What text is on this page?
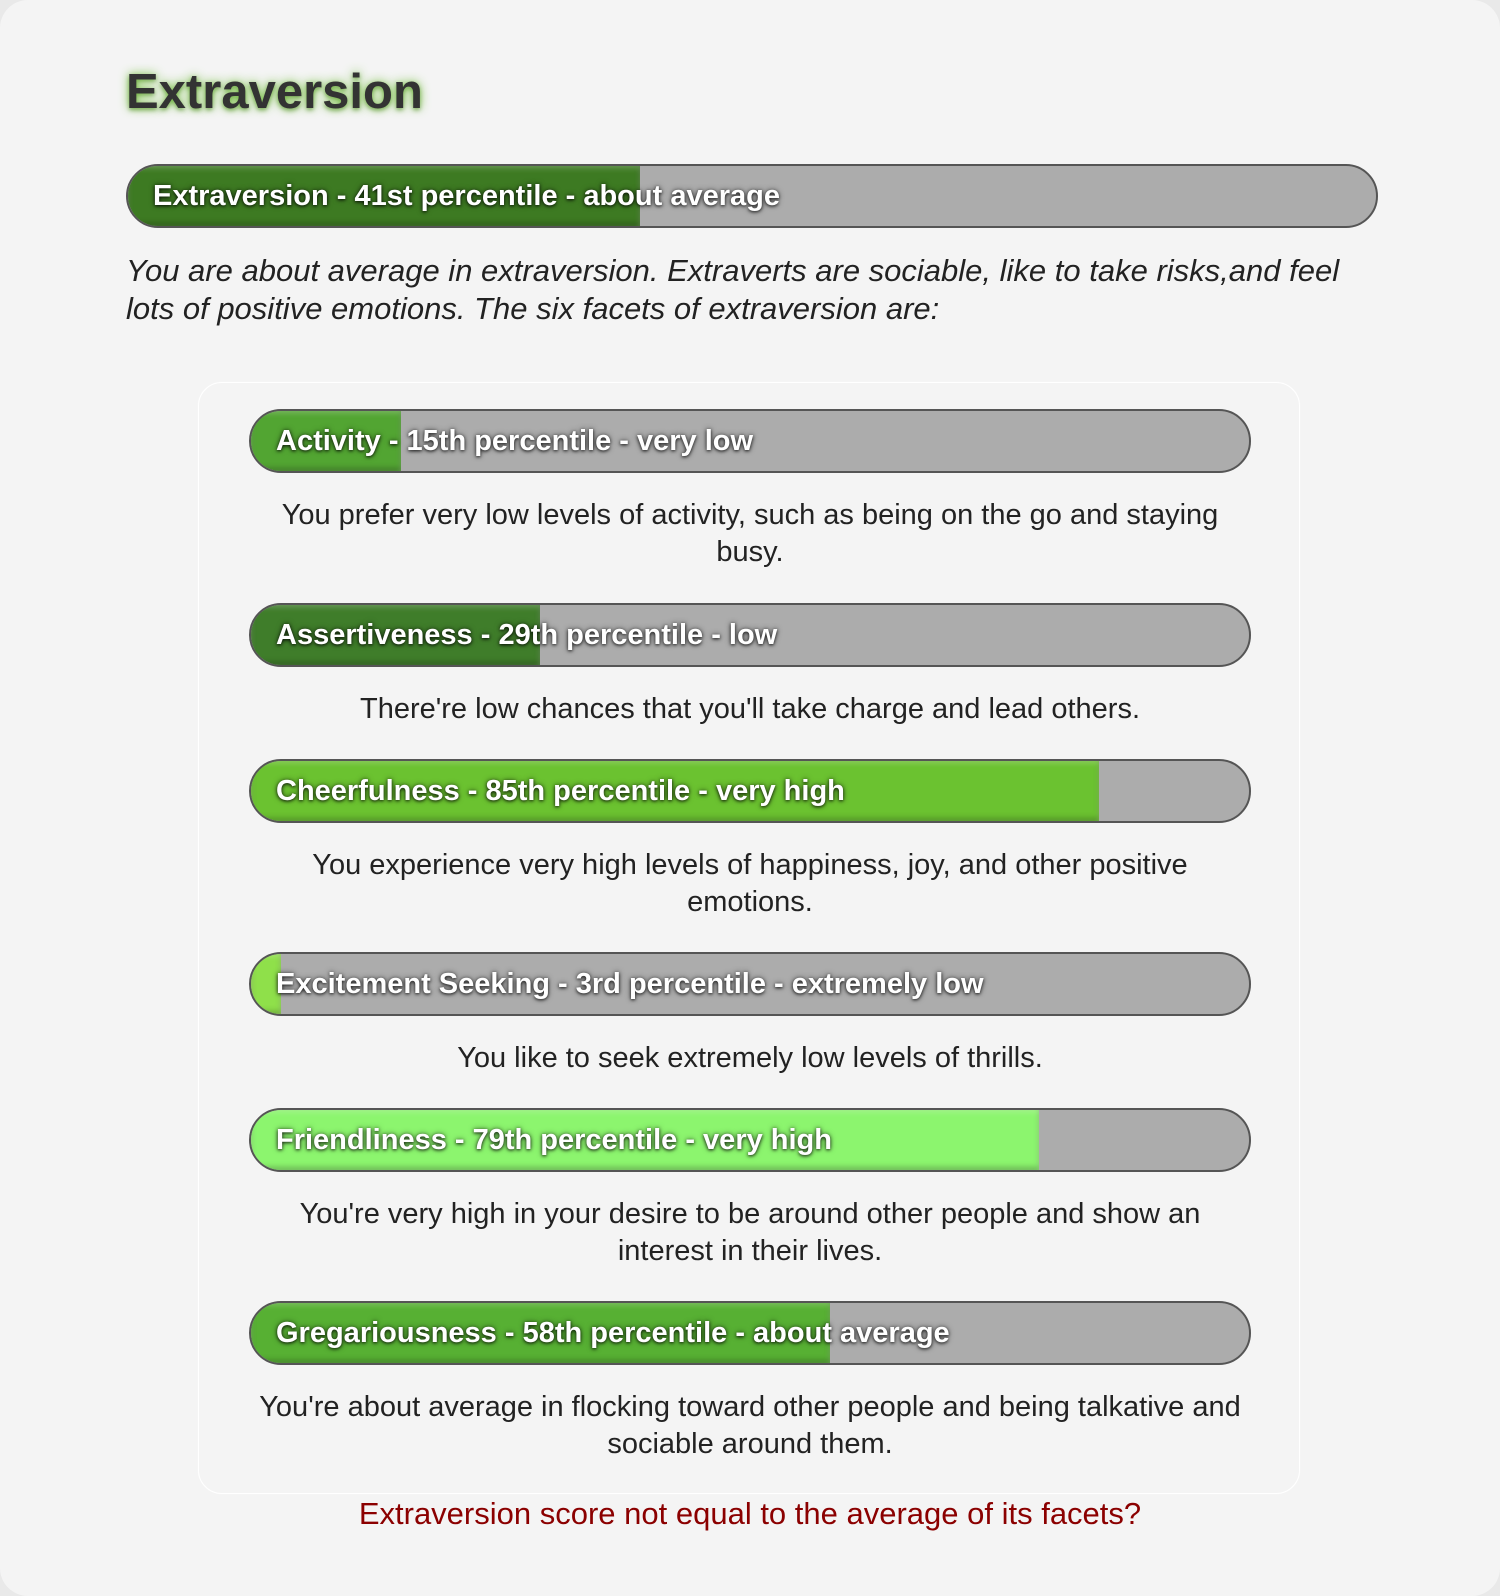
Extraversion
Extraversion - 41st percentile - about average
You are about average in extraversion. Extraverts are sociable, like to take risks,and feel lots of positive emotions. The six facets of extraversion are:
Activity - 15th percentile - very low
You prefer very low levels of activity, such as being on the go and staying busy.
Assertiveness - 29th percentile - low
There're low chances that you'll take charge and lead others.
Cheerfulness - 85th percentile - very high
You experience very high levels of happiness, joy, and other positive emotions.
Excitement Seeking - 3rd percentile - extremely low
You like to seek extremely low levels of thrills.
Friendliness - 79th percentile - very high
You're very high in your desire to be around other people and show an interest in their lives.
Gregariousness - 58th percentile - about average
You're about average in flocking toward other people and being talkative and sociable around them.
Extraversion score not equal to the average of its facets?
